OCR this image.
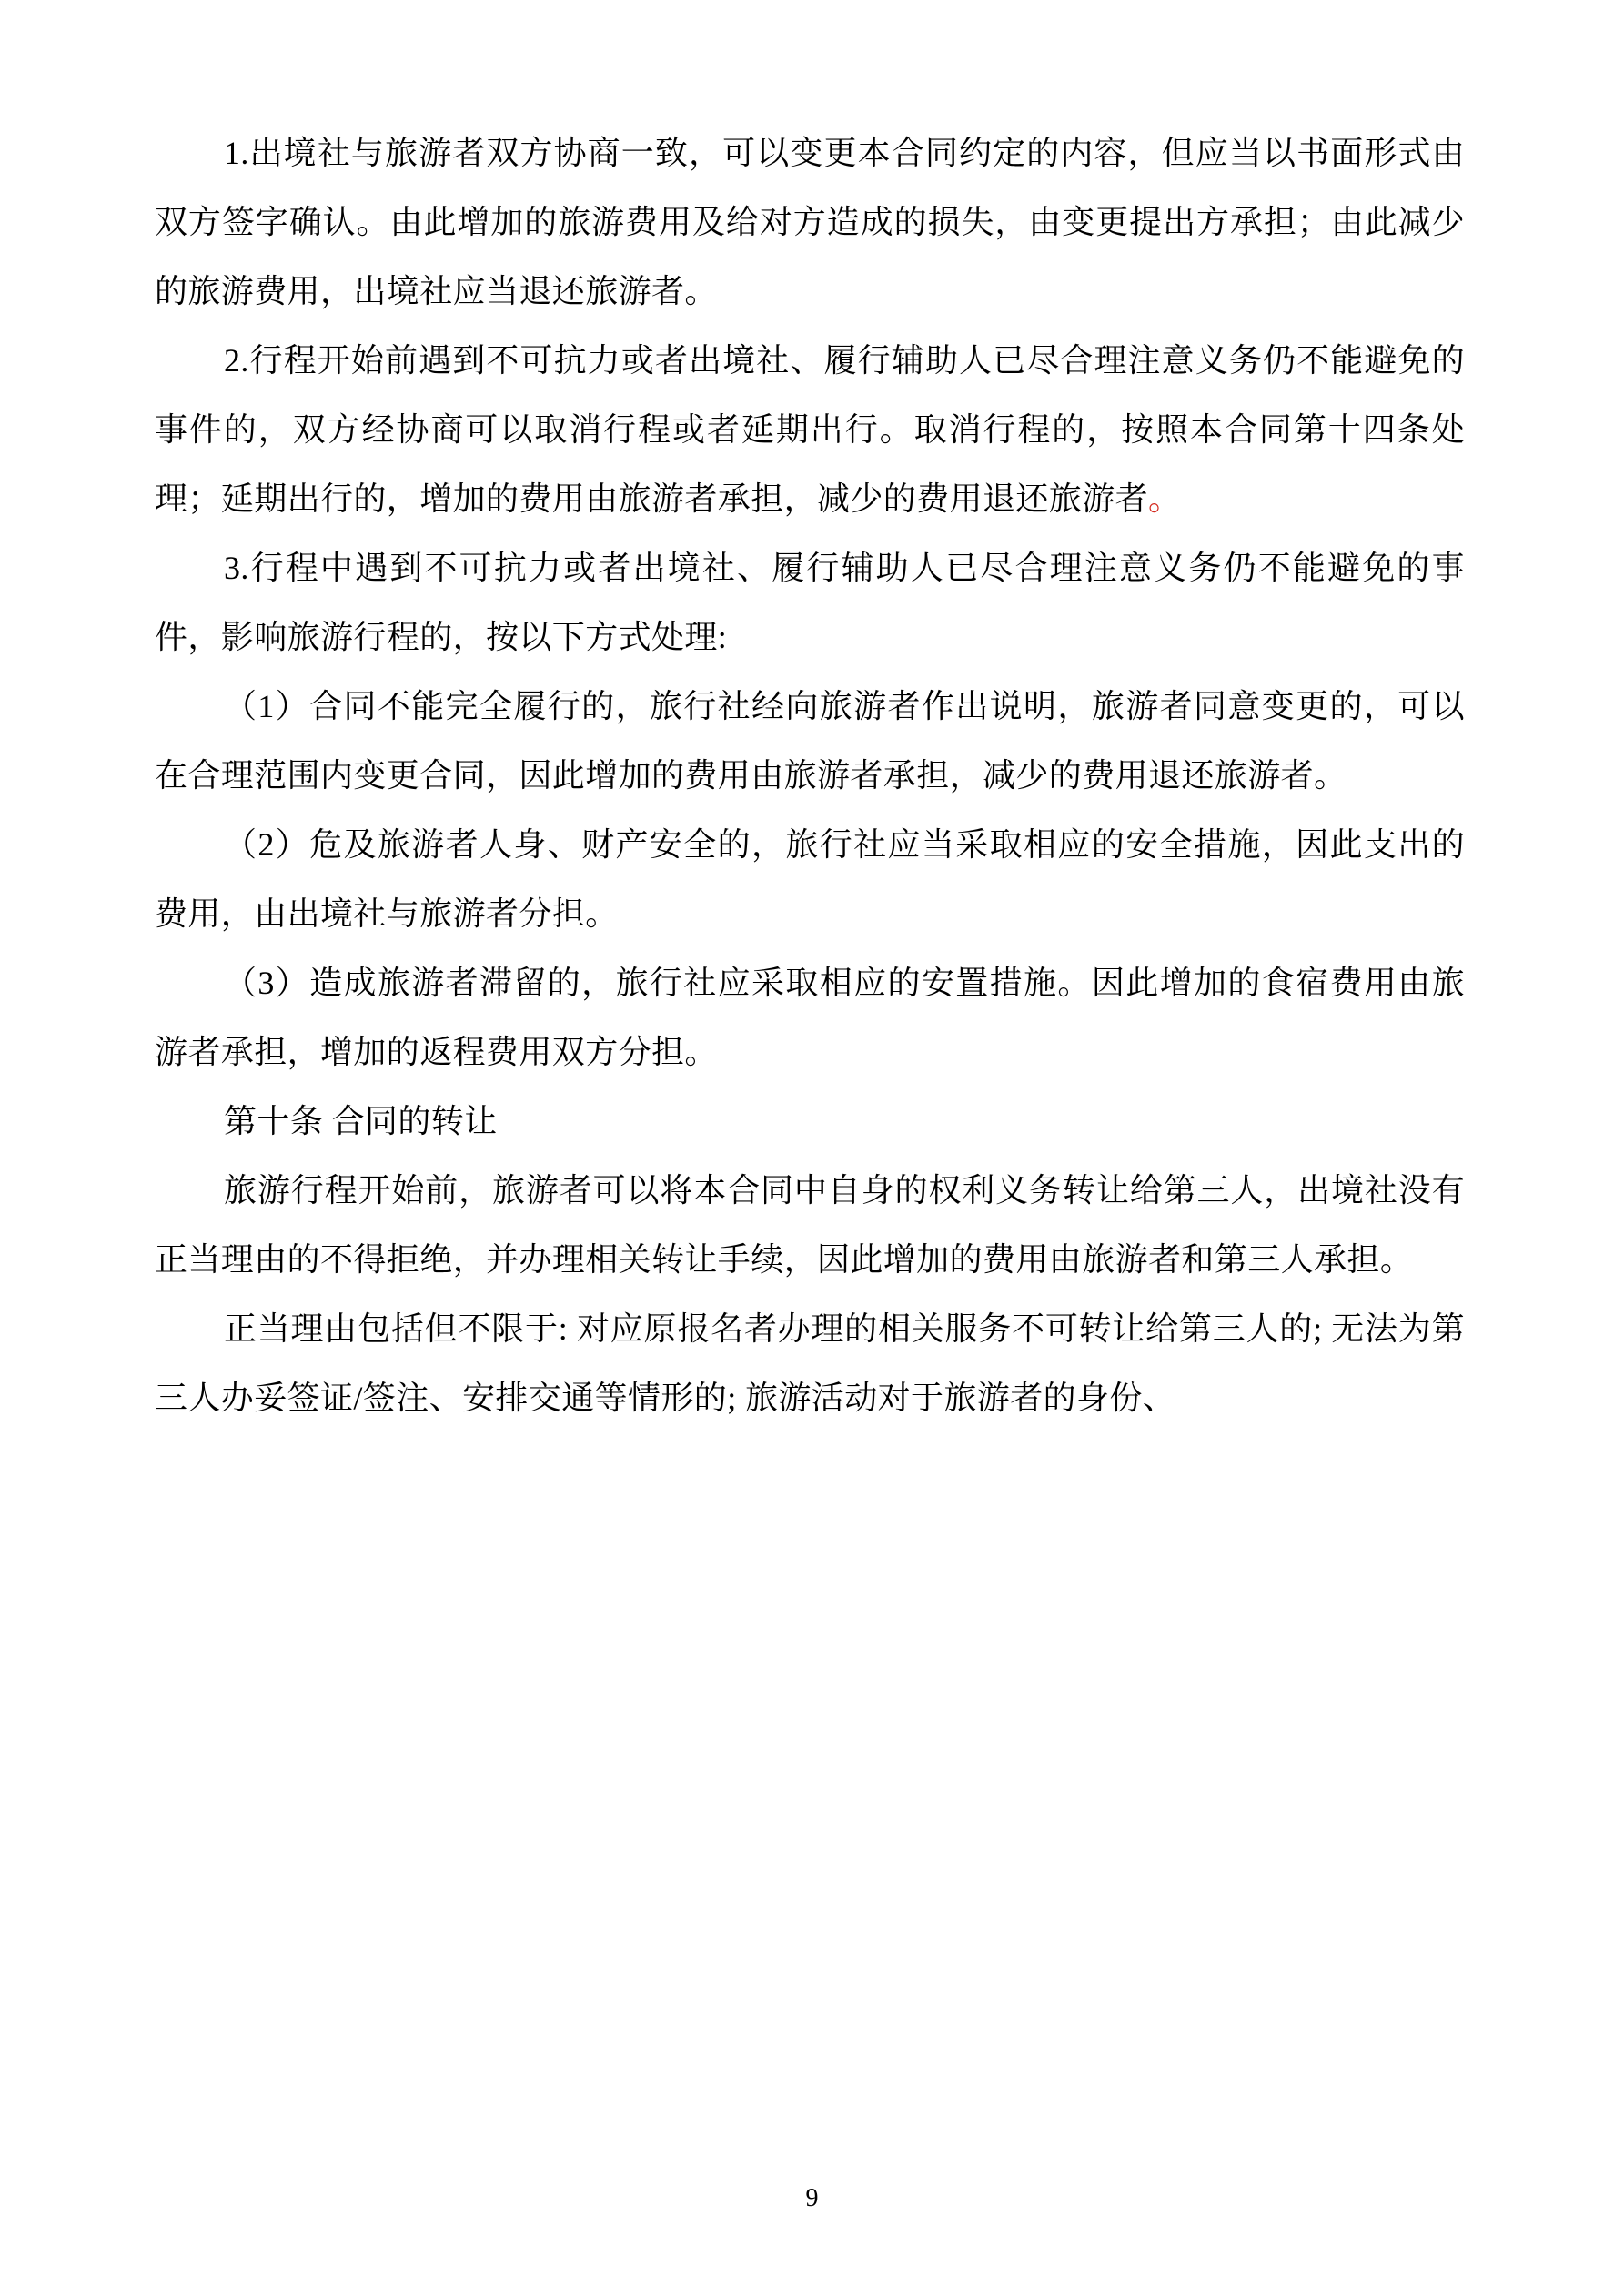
1.出境社与旅游者双方协商一致，可以变更本合同约定的内容，但应当以书面形式由双方签字确认。由此增加的旅游费用及给对方造成的损失，由变更提出方承担；由此减少的旅游费用，出境社应当退还旅游者。

2.行程开始前遇到不可抗力或者出境社、履行辅助人已尽合理注意义务仍不能避免的事件的，双方经协商可以取消行程或者延期出行。取消行程的，按照本合同第十四条处理；延期出行的，增加的费用由旅游者承担，减少的费用退还旅游者。

3.行程中遇到不可抗力或者出境社、履行辅助人已尽合理注意义务仍不能避免的事件，影响旅游行程的，按以下方式处理:

（1）合同不能完全履行的，旅行社经向旅游者作出说明，旅游者同意变更的，可以在合理范围内变更合同，因此增加的费用由旅游者承担，减少的费用退还旅游者。

（2）危及旅游者人身、财产安全的，旅行社应当采取相应的安全措施，因此支出的费用，由出境社与旅游者分担。

（3）造成旅游者滞留的，旅行社应采取相应的安置措施。因此增加的食宿费用由旅游者承担，增加的返程费用双方分担。

第十条 合同的转让

旅游行程开始前，旅游者可以将本合同中自身的权利义务转让给第三人，出境社没有正当理由的不得拒绝，并办理相关转让手续，因此增加的费用由旅游者和第三人承担。

正当理由包括但不限于: 对应原报名者办理的相关服务不可转让给第三人的; 无法为第三人办妥签证/签注、安排交通等情形的; 旅游活动对于旅游者的身份、

9
